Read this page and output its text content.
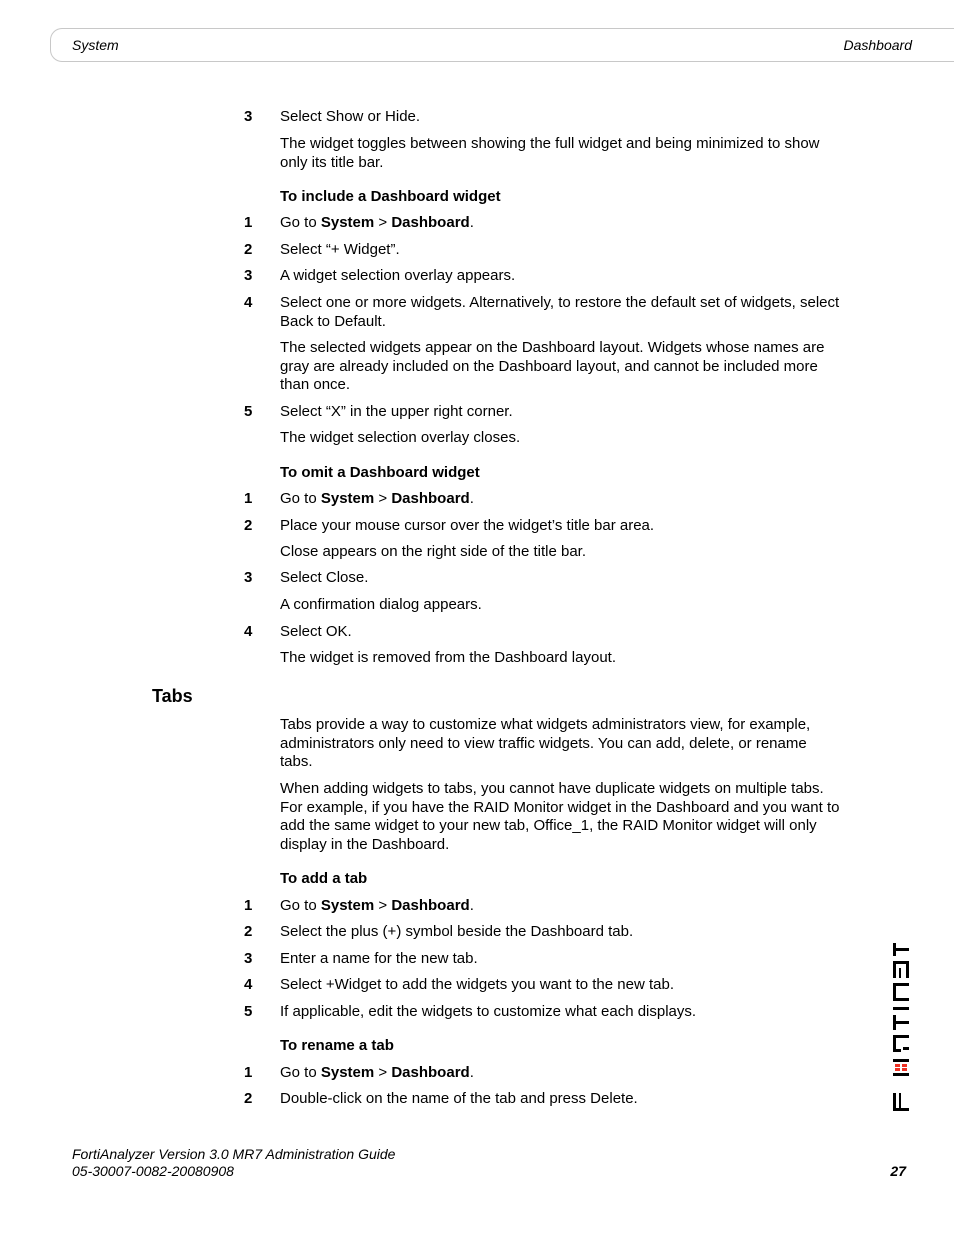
System	Dashboard
3	Select Show or Hide.
The widget toggles between showing the full widget and being minimized to show only its title bar.
To include a Dashboard widget
1	Go to System > Dashboard.
2	Select “+ Widget”.
3	A widget selection overlay appears.
4	Select one or more widgets. Alternatively, to restore the default set of widgets, select Back to Default.
The selected widgets appear on the Dashboard layout. Widgets whose names are gray are already included on the Dashboard layout, and cannot be included more than once.
5	Select “X” in the upper right corner.
The widget selection overlay closes.
To omit a Dashboard widget
1	Go to System > Dashboard.
2	Place your mouse cursor over the widget’s title bar area.
Close appears on the right side of the title bar.
3	Select Close.
A confirmation dialog appears.
4	Select OK.
The widget is removed from the Dashboard layout.
Tabs
Tabs provide a way to customize what widgets administrators view, for example, administrators only need to view traffic widgets. You can add, delete, or rename tabs.
When adding widgets to tabs, you cannot have duplicate widgets on multiple tabs. For example, if you have the RAID Monitor widget in the Dashboard and you want to add the same widget to your new tab, Office_1, the RAID Monitor widget will only display in the Dashboard.
To add a tab
1	Go to System > Dashboard.
2	Select the plus (+) symbol beside the Dashboard tab.
3	Enter a name for the new tab.
4	Select +Widget to add the widgets you want to the new tab.
5	If applicable, edit the widgets to customize what each displays.
To rename a tab
1	Go to System > Dashboard.
2	Double-click on the name of the tab and press Delete.
FortiAnalyzer Version 3.0 MR7 Administration Guide
05-30007-0082-20080908	27
